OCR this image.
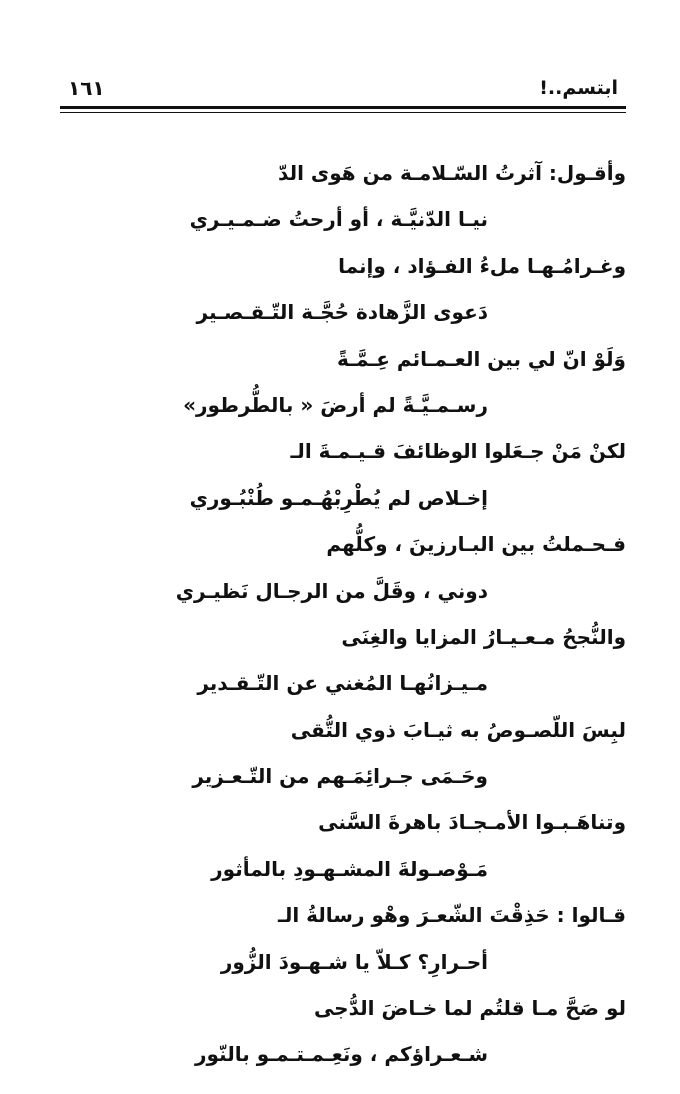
١٦١	ابتسم..!
وأقـول: آثرتُ السّـلامـة من هَوى الدّ
نيـا الدّنيَّـة ، أو أرحتُ ضـمـيـري
وغـرامُـهـا ملءُ الفـؤاد ، وإنما
دَعوى الزَّهادة حُجَّـة التّـقـصـير
وَلَوْ انّ لي بين العـمـائم عِـمَّـةً
رسـمـيَّـةً لم أرضَ « بالطُّرطور»
لكنْ مَنْ جـعَلوا الوظائفَ قـيـمـةَ الـ
إخـلاص لم يُطْرِبْهُـمـو طُنْبُـوري
فـحـملتُ بين البـارزينَ ، وكلُّهم
دوني ، وقَلَّ من الرجـال نَظيـري
والنُّجحُ مـعـيـارُ المزايا والغِنَى
مـيـزانُهـا المُغني عن التّـقـدير
لبِسَ اللّصـوصُ به ثيـابَ ذوي التُّقى
وحَـمَى جـرائِمَـهم من التّـعـزير
وتناهَـبـوا الأمـجـادَ باهرةَ السَّنى
مَـوْصـولةَ المشـهـودِ بالمأثور
قـالوا : حَذِقْتَ الشّعـرَ وهْو رسالةُ الـ
أحـرارِ؟ كـلاّ يا شـهـودَ الزُّور
لو صَحَّ مـا قلتُم لما خـاضَ الدُّجى
شـعـراؤكم ، ونَعِـمـتـمـو بالنّور
